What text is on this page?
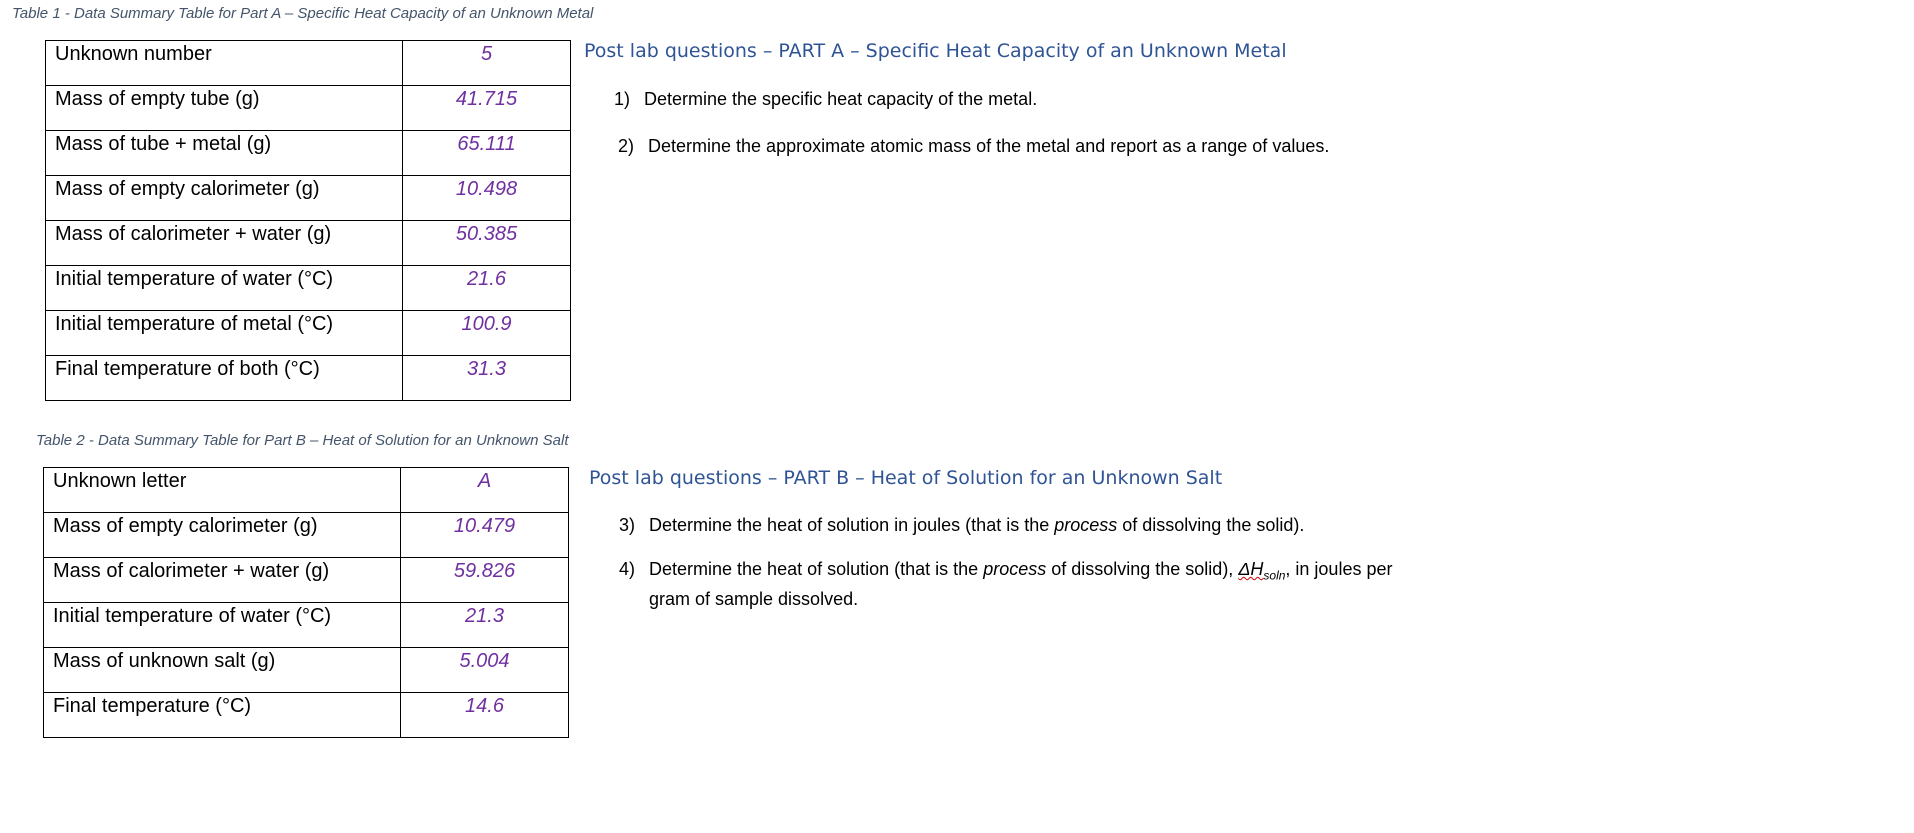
Table 1 - Data Summary Table for Part A – Specific Heat Capacity of an Unknown Metal
Unknown number	5
Mass of empty tube (g)	41.715
Mass of tube + metal (g)	65.111
Mass of empty calorimeter (g)	10.498
Mass of calorimeter + water (g)	50.385
Initial temperature of water (°C)	21.6
Initial temperature of metal (°C)	100.9
Final temperature of both (°C)	31.3
Table 2 - Data Summary Table for Part B – Heat of Solution for an Unknown Salt
Unknown letter	A
Mass of empty calorimeter (g)	10.479
Mass of calorimeter + water (g)	59.826
Initial temperature of water (°C)	21.3
Mass of unknown salt (g)	5.004
Final temperature (°C)	14.6
Post lab questions – PART A – Specific Heat Capacity of an Unknown Metal
1) Determine the specific heat capacity of the metal.
2) Determine the approximate atomic mass of the metal and report as a range of values.
Post lab questions – PART B – Heat of Solution for an Unknown Salt
3) Determine the heat of solution in joules (that is the process of dissolving the solid).
4) Determine the heat of solution (that is the process of dissolving the solid), $\Delta H_{soln}$, in joules per
gram of sample dissolved.
